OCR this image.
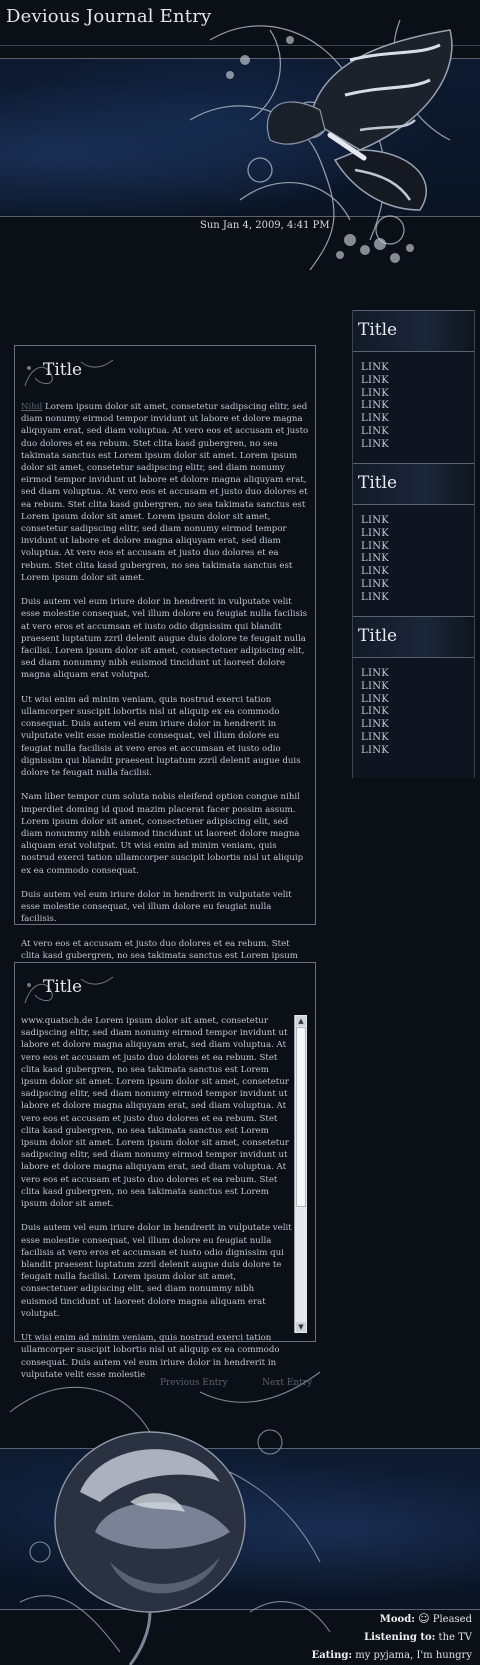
Devious Journal Entry
Sun Jan 4, 2009, 4:41 PM
Title
LINK
LINK
LINK
LINK
LINK
LINK
LINK
Title
LINK
LINK
LINK
LINK
LINK
LINK
LINK
Title
LINK
LINK
LINK
LINK
LINK
LINK
LINK
Title

Nihil Lorem ipsum dolor sit amet, consetetur sadipscing elitr, sed diam nonumy eirmod tempor invidunt ut labore et dolore magna aliquyam erat, sed diam voluptua. At vero eos et accusam et justo duo dolores et ea rebum. Stet clita kasd gubergren, no sea takimata sanctus est Lorem ipsum dolor sit amet. Lorem ipsum dolor sit amet, consetetur sadipscing elitr, sed diam nonumy eirmod tempor invidunt ut labore et dolore magna aliquyam erat, sed diam voluptua. At vero eos et accusam et justo duo dolores et ea rebum. Stet clita kasd gubergren, no sea takimata sanctus est Lorem ipsum dolor sit amet. Lorem ipsum dolor sit amet, consetetur sadipscing elitr, sed diam nonumy eirmod tempor invidunt ut labore et dolore magna aliquyam erat, sed diam voluptua. At vero eos et accusam et justo duo dolores et ea rebum. Stet clita kasd gubergren, no sea takimata sanctus est Lorem ipsum dolor sit amet.

Duis autem vel eum iriure dolor in hendrerit in vulputate velit esse molestie consequat, vel illum dolore eu feugiat nulla facilisis at vero eros et accumsan et iusto odio dignissim qui blandit praesent luptatum zzril delenit augue duis dolore te feugait nulla facilisi. Lorem ipsum dolor sit amet, consectetuer adipiscing elit, sed diam nonummy nibh euismod tincidunt ut laoreet dolore magna aliquam erat volutpat.

Ut wisi enim ad minim veniam, quis nostrud exerci tation ullamcorper suscipit lobortis nisl ut aliquip ex ea commodo consequat. Duis autem vel eum iriure dolor in hendrerit in vulputate velit esse molestie consequat, vel illum dolore eu feugiat nulla facilisis at vero eros et accumsan et iusto odio dignissim qui blandit praesent luptatum zzril delenit augue duis dolore te feugait nulla facilisi.

Nam liber tempor cum soluta nobis eleifend option congue nihil imperdiet doming id quod mazim placerat facer possim assum. Lorem ipsum dolor sit amet, consectetuer adipiscing elit, sed diam nonummy nibh euismod tincidunt ut laoreet dolore magna aliquam erat volutpat. Ut wisi enim ad minim veniam, quis nostrud exerci tation ullamcorper suscipit lobortis nisl ut aliquip ex ea commodo consequat.

Duis autem vel eum iriure dolor in hendrerit in vulputate velit esse molestie consequat, vel illum dolore eu feugiat nulla facilisis.

At vero eos et accusam et justo duo dolores et ea rebum. Stet clita kasd gubergren, no sea takimata sanctus est Lorem ipsum

Title

www.quatsch.de Lorem ipsum dolor sit amet, consetetur sadipscing elitr, sed diam nonumy eirmod tempor invidunt ut labore et dolore magna aliquyam erat, sed diam voluptua. At vero eos et accusam et justo duo dolores et ea rebum. Stet clita kasd gubergren, no sea takimata sanctus est Lorem ipsum dolor sit amet. Lorem ipsum dolor sit amet, consetetur sadipscing elitr, sed diam nonumy eirmod tempor invidunt ut labore et dolore magna aliquyam erat, sed diam voluptua. At vero eos et accusam et justo duo dolores et ea rebum. Stet clita kasd gubergren, no sea takimata sanctus est Lorem ipsum dolor sit amet. Lorem ipsum dolor sit amet, consetetur sadipscing elitr, sed diam nonumy eirmod tempor invidunt ut labore et dolore magna aliquyam erat, sed diam voluptua. At vero eos et accusam et justo duo dolores et ea rebum. Stet clita kasd gubergren, no sea takimata sanctus est Lorem ipsum dolor sit amet.

Duis autem vel eum iriure dolor in hendrerit in vulputate velit esse molestie consequat, vel illum dolore eu feugiat nulla facilisis at vero eros et accumsan et iusto odio dignissim qui blandit praesent luptatum zzril delenit augue duis dolore te feugait nulla facilisi. Lorem ipsum dolor sit amet, consectetuer adipiscing elit, sed diam nonummy nibh euismod tincidunt ut laoreet dolore magna aliquam erat volutpat.

Ut wisi enim ad minim veniam, quis nostrud exerci tation ullamcorper suscipit lobortis nisl ut aliquip ex ea commodo consequat. Duis autem vel eum iriure dolor in hendrerit in vulputate velit esse molestie

▲
▼
Previous Entry	Next Entry
Mood: ☺ Pleased
Listening to: the TV
Eating: my pyjama, I'm hungry
